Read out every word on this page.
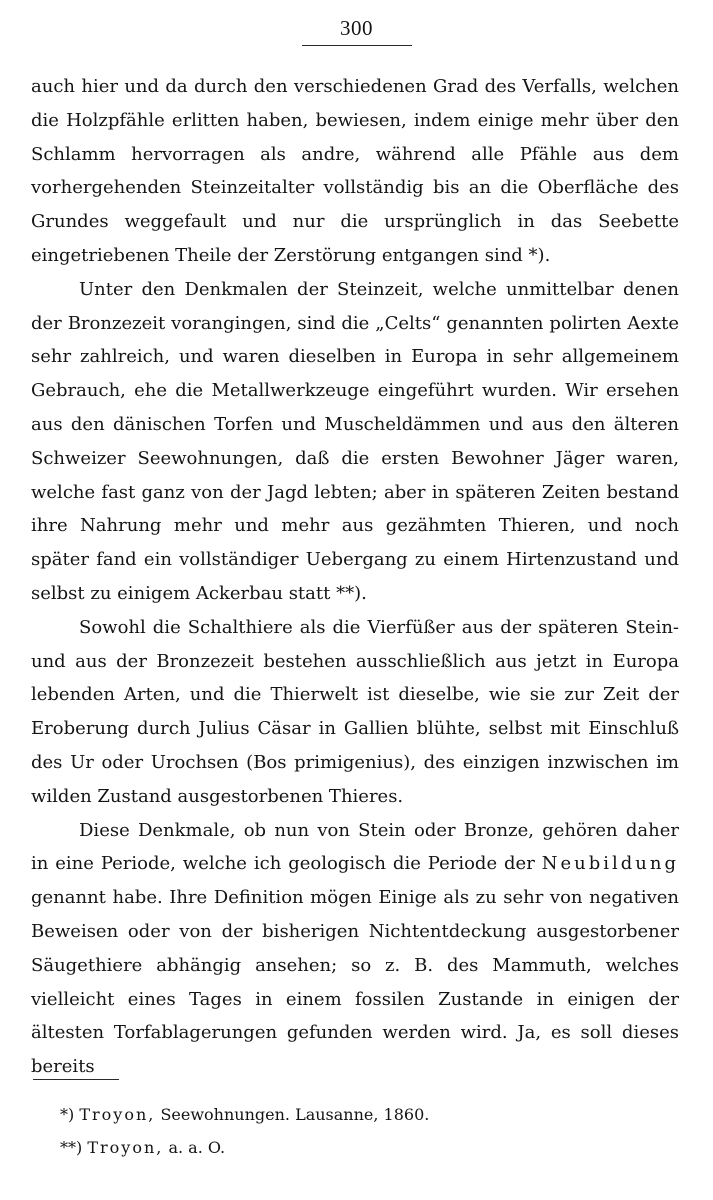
300

auch hier und da durch den verschiedenen Grad des Verfalls, welchen die Holzpfähle erlitten haben, bewiesen, indem einige mehr über den Schlamm hervorragen als andre, während alle Pfähle aus dem vorhergehenden Steinzeitalter vollständig bis an die Oberfläche des Grundes weggefault und nur die ursprünglich in das Seebette eingetriebenen Theile der Zerstörung entgangen sind *).

Unter den Denkmalen der Steinzeit, welche unmittelbar denen der Bronzezeit vorangingen, sind die „Celts“ genannten polirten Aexte sehr zahlreich, und waren dieselben in Europa in sehr allgemeinem Gebrauch, ehe die Metallwerkzeuge eingeführt wurden. Wir ersehen aus den dänischen Torfen und Muscheldämmen und aus den älteren Schweizer Seewohnungen, daß die ersten Bewohner Jäger waren, welche fast ganz von der Jagd lebten; aber in späteren Zeiten bestand ihre Nahrung mehr und mehr aus gezähmten Thieren, und noch später fand ein vollständiger Uebergang zu einem Hirtenzustand und selbst zu einigem Ackerbau statt **).

Sowohl die Schalthiere als die Vierfüßer aus der späteren Stein- und aus der Bronzezeit bestehen ausschließlich aus jetzt in Europa lebenden Arten, und die Thierwelt ist dieselbe, wie sie zur Zeit der Eroberung durch Julius Cäsar in Gallien blühte, selbst mit Einschluß des Ur oder Urochsen (Bos primigenius), des einzigen inzwischen im wilden Zustand ausgestorbenen Thieres.

Diese Denkmale, ob nun von Stein oder Bronze, gehören daher in eine Periode, welche ich geologisch die Periode der Neubildung genannt habe. Ihre Definition mögen Einige als zu sehr von negativen Beweisen oder von der bisherigen Nichtentdeckung ausgestorbener Säugethiere abhängig ansehen; so z. B. des Mammuth, welches vielleicht eines Tages in einem fossilen Zustande in einigen der ältesten Torfablagerungen gefunden werden wird. Ja, es soll dieses bereits

*) Troyon, Seewohnungen. Lausanne, 1860.
**) Troyon, a. a. O.
